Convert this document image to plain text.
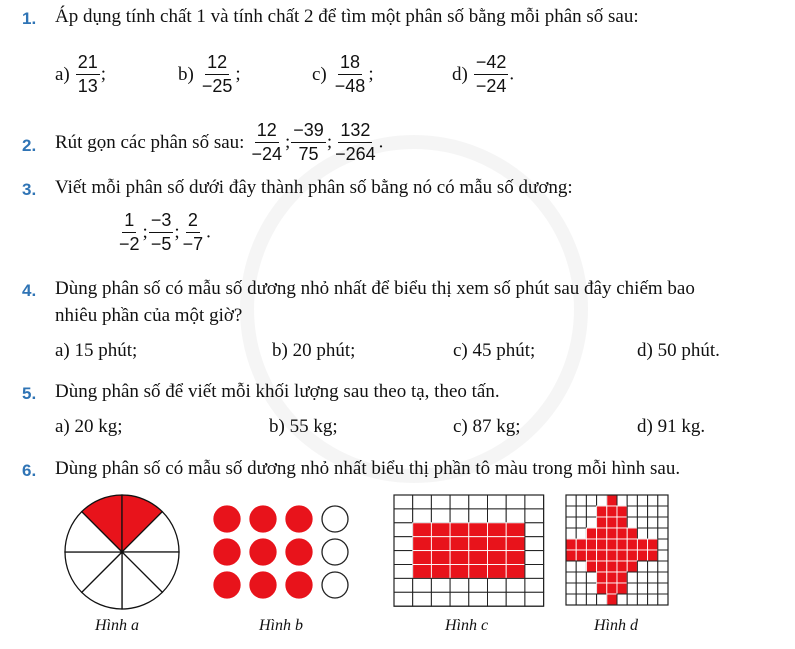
1. Áp dụng tính chất 1 và tính chất 2 để tìm một phân số bằng mỗi phân số sau:
$a) \frac{21}{13}$ ;	$b) \frac{12}{-25}$ ;	$c) \frac{18}{-48}$ ;	$d) \frac{-42}{-24}$ .
2. Rút gọn các phân số sau: $\frac{12}{-24}$ ; $\frac{-39}{75}$ ; $\frac{132}{-264}$ .
3. Viết mỗi phân số dưới đây thành phân số bằng nó có mẫu số dương:
$\frac{1}{-2}$ ; $\frac{-3}{-5}$ ; $\frac{2}{-7}$ .
4. Dùng phân số có mẫu số dương nhỏ nhất để biểu thị xem số phút sau đây chiếm bao
nhiêu phần của một giờ?
a) 15 phút;	b) 20 phút;	c) 45 phút;	d) 50 phút.
5. Dùng phân số để viết mỗi khối lượng sau theo tạ, theo tấn.
a) 20 kg;	b) 55 kg;	c) 87 kg;	d) 91 kg.
6. Dùng phân số có mẫu số dương nhỏ nhất biểu thị phần tô màu trong mỗi hình sau.
Hình a	Hình b	Hình c	Hình d
